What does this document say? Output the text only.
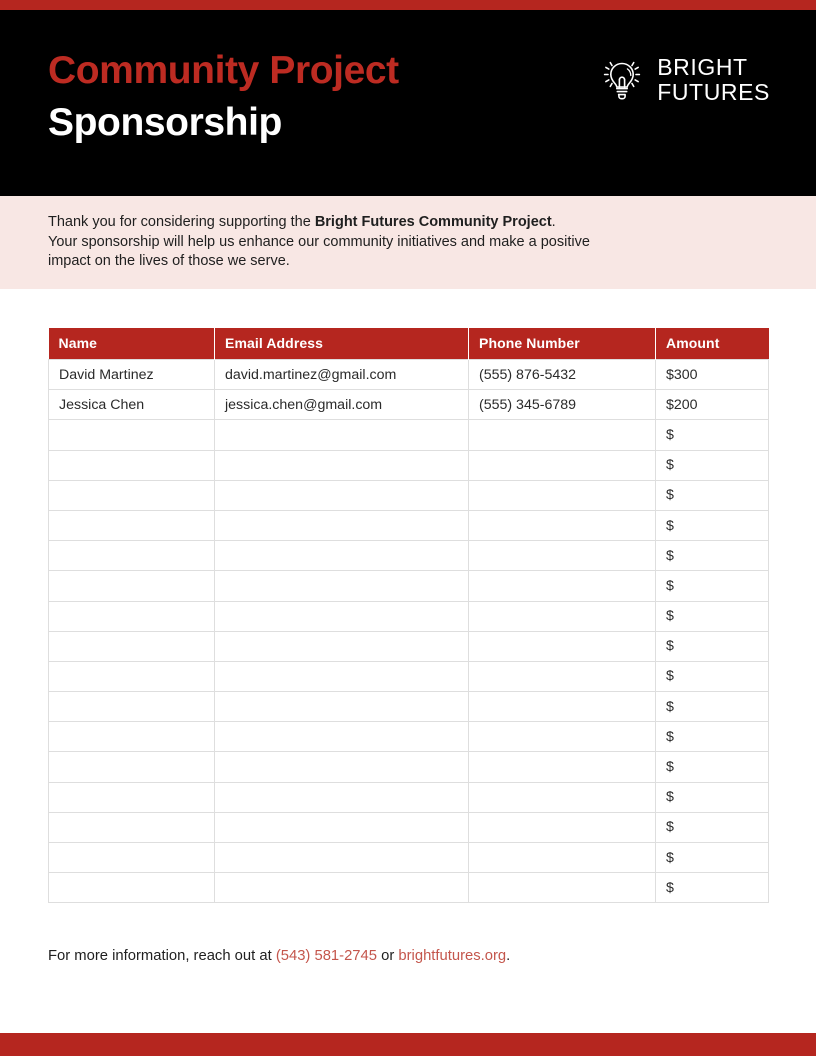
Community Project
Sponsorship
BRIGHT
FUTURES
Thank you for considering supporting the Bright Futures Community Project.
Your sponsorship will help us enhance our community initiatives and make a positive
impact on the lives of those we serve.
Name	Email Address	Phone Number	Amount
David Martinez	david.martinez@gmail.com	(555) 876-5432	$300
Jessica Chen	jessica.chen@gmail.com	(555) 345-6789	$200
			$
			$
			$
			$
			$
			$
			$
			$
			$
			$
			$
			$
			$
			$
			$
			$
For more information, reach out at (543) 581-2745 or brightfutures.org.
